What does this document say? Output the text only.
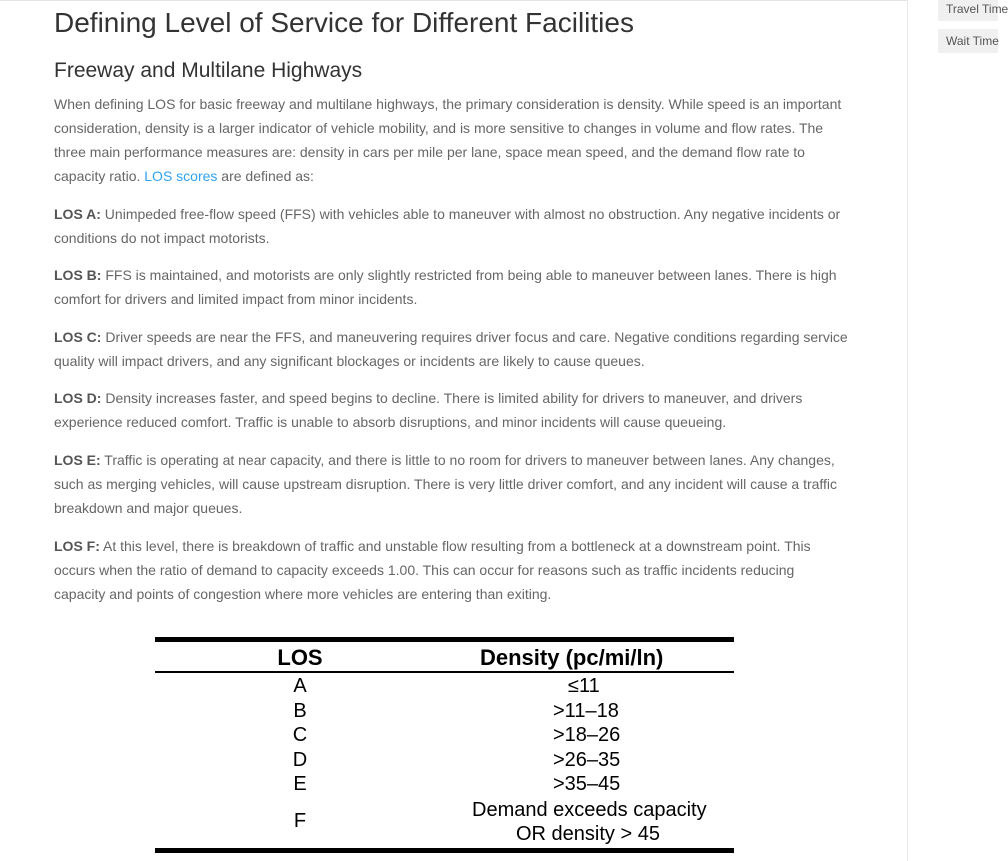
Defining Level of Service for Different Facilities
Freeway and Multilane Highways

When defining LOS for basic freeway and multilane highways, the primary consideration is density. While speed is an important consideration, density is a larger indicator of vehicle mobility, and is more sensitive to changes in volume and flow rates. The three main performance measures are: density in cars per mile per lane, space mean speed, and the demand flow rate to capacity ratio. LOS scores are defined as:

LOS A: Unimpeded free-flow speed (FFS) with vehicles able to maneuver with almost no obstruction. Any negative incidents or conditions do not impact motorists.

LOS B: FFS is maintained, and motorists are only slightly restricted from being able to maneuver between lanes. There is high comfort for drivers and limited impact from minor incidents.

LOS C: Driver speeds are near the FFS, and maneuvering requires driver focus and care. Negative conditions regarding service quality will impact drivers, and any significant blockages or incidents are likely to cause queues.

LOS D: Density increases faster, and speed begins to decline. There is limited ability for drivers to maneuver, and drivers experience reduced comfort. Traffic is unable to absorb disruptions, and minor incidents will cause queueing.

LOS E: Traffic is operating at near capacity, and there is little to no room for drivers to maneuver between lanes. Any changes, such as merging vehicles, will cause upstream disruption. There is very little driver comfort, and any incident will cause a traffic breakdown and major queues.

LOS F: At this level, there is breakdown of traffic and unstable flow resulting from a bottleneck at a downstream point. This occurs when the ratio of demand to capacity exceeds 1.00. This can occur for reasons such as traffic incidents reducing capacity and points of congestion where more vehicles are entering than exiting.

LOS	Density (pc/mi/ln)
A	≤11
B	>11–18
C	>18–26
D	>26–35
E	>35–45
F	Demand exceeds capacity
OR density > 45
Travel Time
Wait Time
